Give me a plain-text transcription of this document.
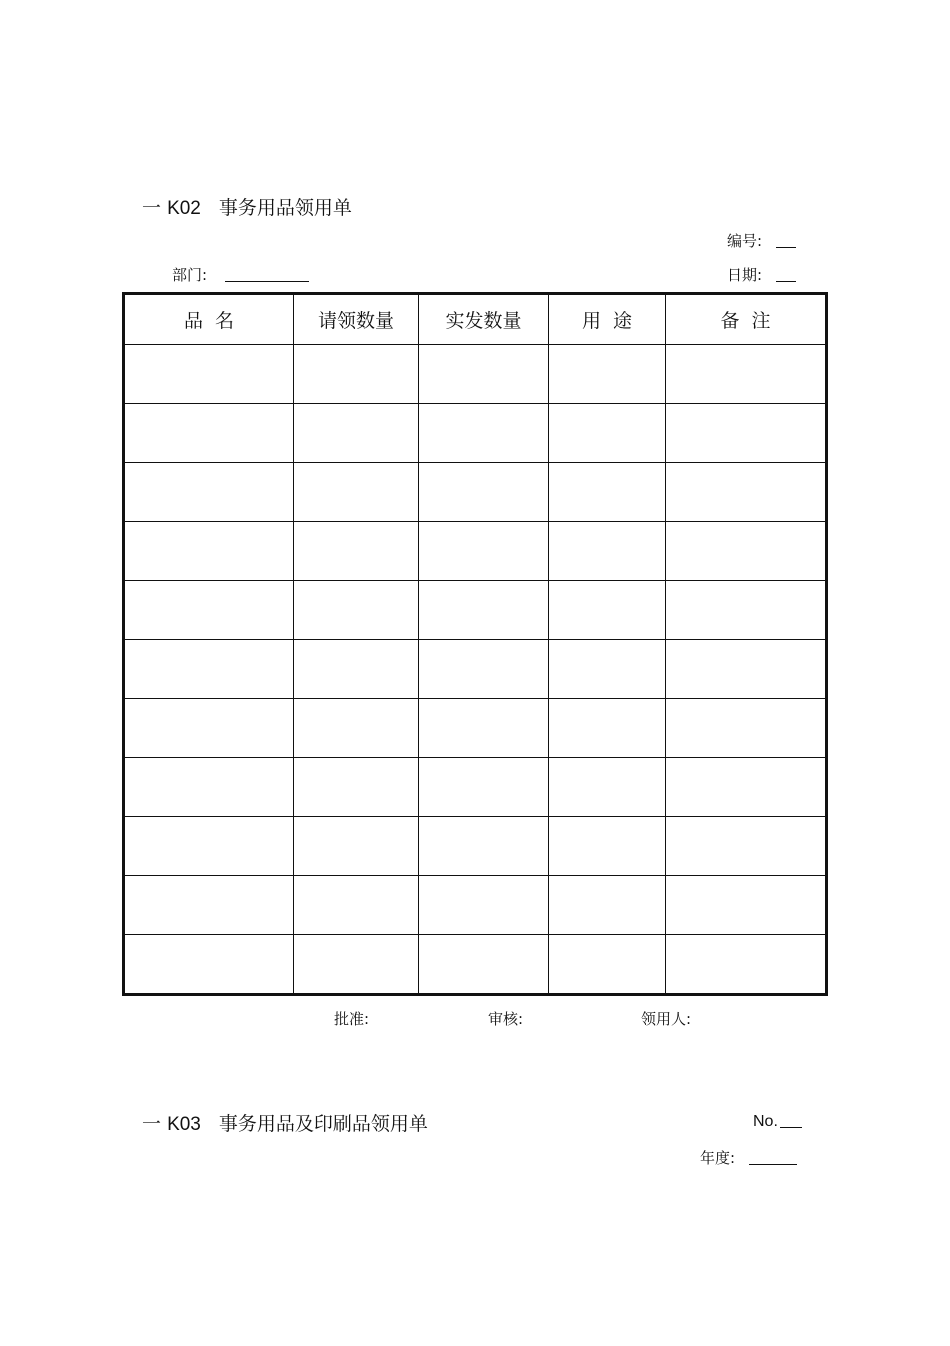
一 K02 事务用品领用单
编号:
部门:	日期:
品  名	请领数量	实发数量	用  途	备  注

批准:	审核:	领用人:
一 K03 事务用品及印刷品领用单	No.
年度:
